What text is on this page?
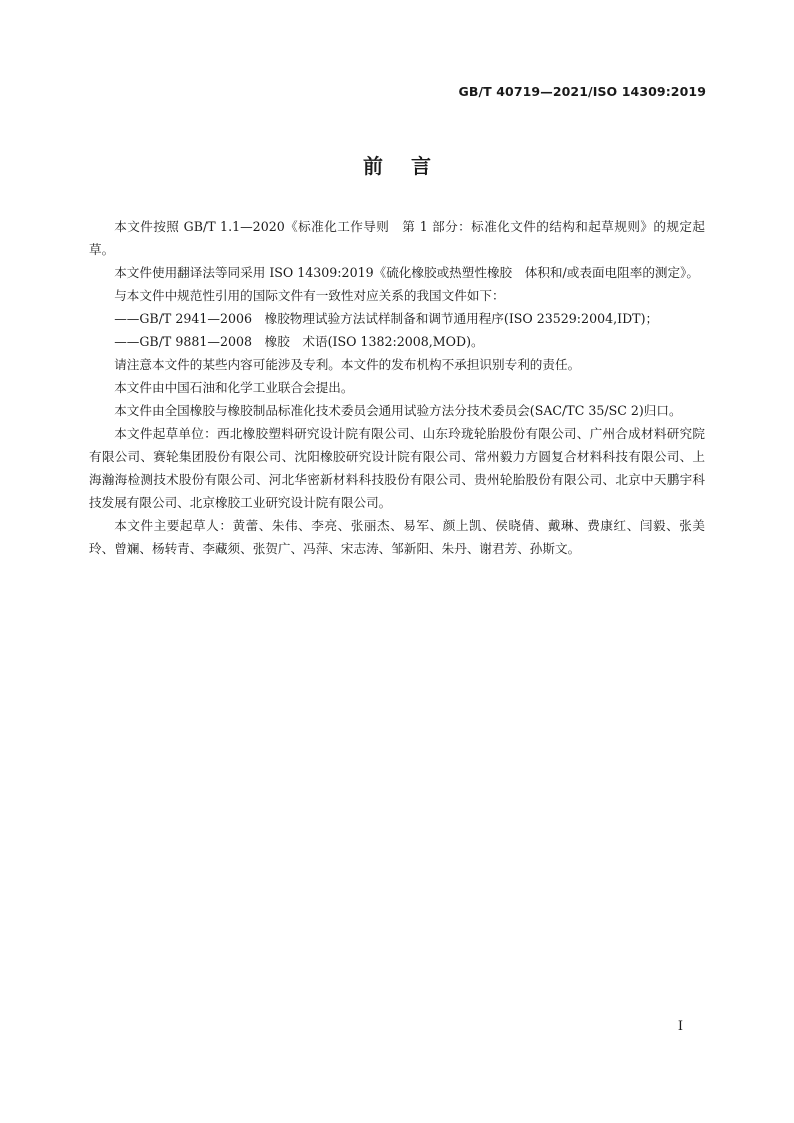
GB/T 40719—2021/ISO 14309:2019
前言

本文件按照 GB/T 1.1—2020《标准化工作导则　第 1 部分：标准化文件的结构和起草规则》的规定起草。

本文件使用翻译法等同采用 ISO 14309:2019《硫化橡胶或热塑性橡胶　体积和/或表面电阻率的测定》。

与本文件中规范性引用的国际文件有一致性对应关系的我国文件如下：

——GB/T 2941—2006　橡胶物理试验方法试样制备和调节通用程序(ISO 23529:2004,IDT)；

——GB/T 9881—2008　橡胶　术语(ISO 1382:2008,MOD)。

请注意本文件的某些内容可能涉及专利。本文件的发布机构不承担识别专利的责任。

本文件由中国石油和化学工业联合会提出。

本文件由全国橡胶与橡胶制品标准化技术委员会通用试验方法分技术委员会(SAC/TC 35/SC 2)归口。

本文件起草单位：西北橡胶塑料研究设计院有限公司、山东玲珑轮胎股份有限公司、广州合成材料研究院有限公司、赛轮集团股份有限公司、沈阳橡胶研究设计院有限公司、常州毅力方圆复合材料科技有限公司、上海瀚海检测技术股份有限公司、河北华密新材料科技股份有限公司、贵州轮胎股份有限公司、北京中天鹏宇科技发展有限公司、北京橡胶工业研究设计院有限公司。

本文件主要起草人：黄蕾、朱伟、李亮、张丽杰、易军、颜上凯、侯晓倩、戴琳、费康红、闫毅、张美玲、曾斓、杨转青、李藏须、张贺广、冯萍、宋志涛、邹新阳、朱丹、谢君芳、孙斯文。

I
